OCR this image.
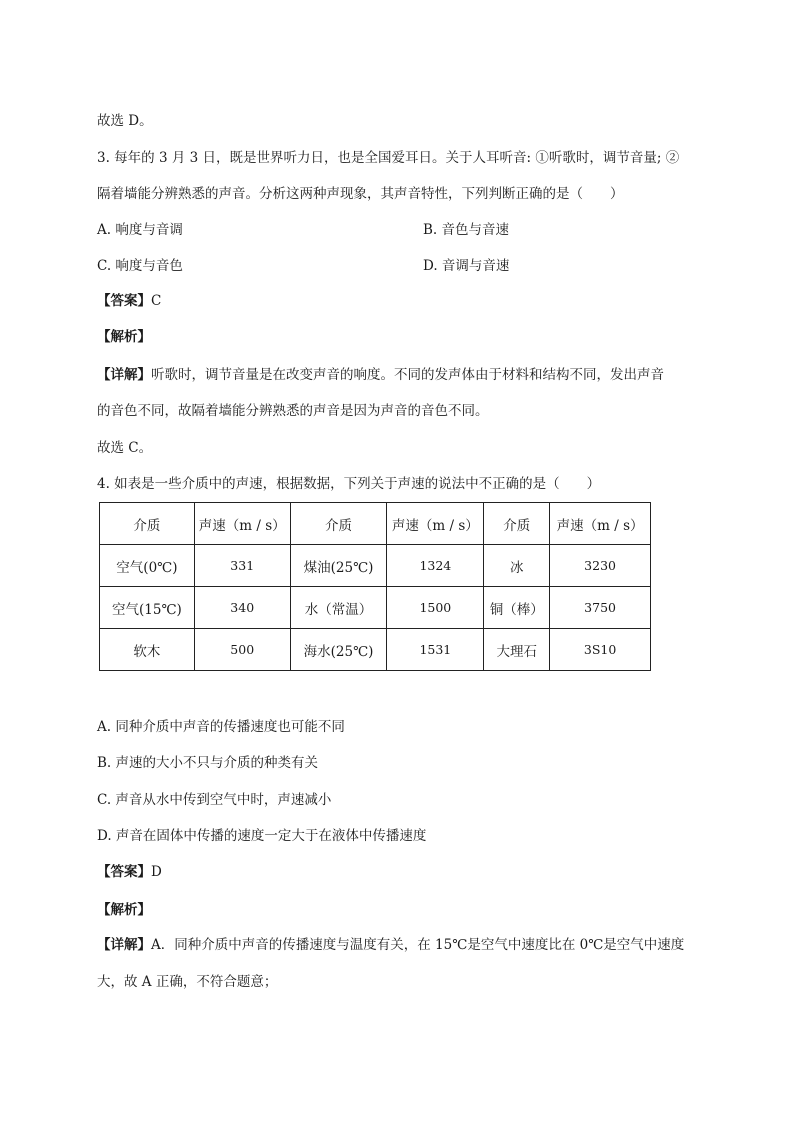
故选 D。
3. 每年的 3 月 3 日，既是世界听力日，也是全国爱耳日。关于人耳听音: ①听歌时，调节音量; ②
隔着墙能分辨熟悉的声音。分析这两种声现象，其声音特性，下列判断正确的是（　　）
A. 响度与音调	B. 音色与音速
C. 响度与音色	D. 音调与音速
【答案】C
【解析】
【详解】听歌时，调节音量是在改变声音的响度。不同的发声体由于材料和结构不同，发出声音
的音色不同，故隔着墙能分辨熟悉的声音是因为声音的音色不同。
故选 C。
4. 如表是一些介质中的声速，根据数据，下列关于声速的说法中不正确的是（　　）
介质	声速（m / s）	介质	声速（m / s）	介质	声速（m / s）
空气(0℃)	331	煤油(25℃)	1324	冰	3230
空气(15℃)	340	水（常温）	1500	铜（棒）	3750
软木	500	海水(25℃)	1531	大理石	3S10
A. 同种介质中声音的传播速度也可能不同
B. 声速的大小不只与介质的种类有关
C. 声音从水中传到空气中时，声速减小
D. 声音在固体中传播的速度一定大于在液体中传播速度
【答案】D
【解析】
【详解】A．同种介质中声音的传播速度与温度有关，在 15℃是空气中速度比在 0℃是空气中速度
大，故 A 正确，不符合题意；
